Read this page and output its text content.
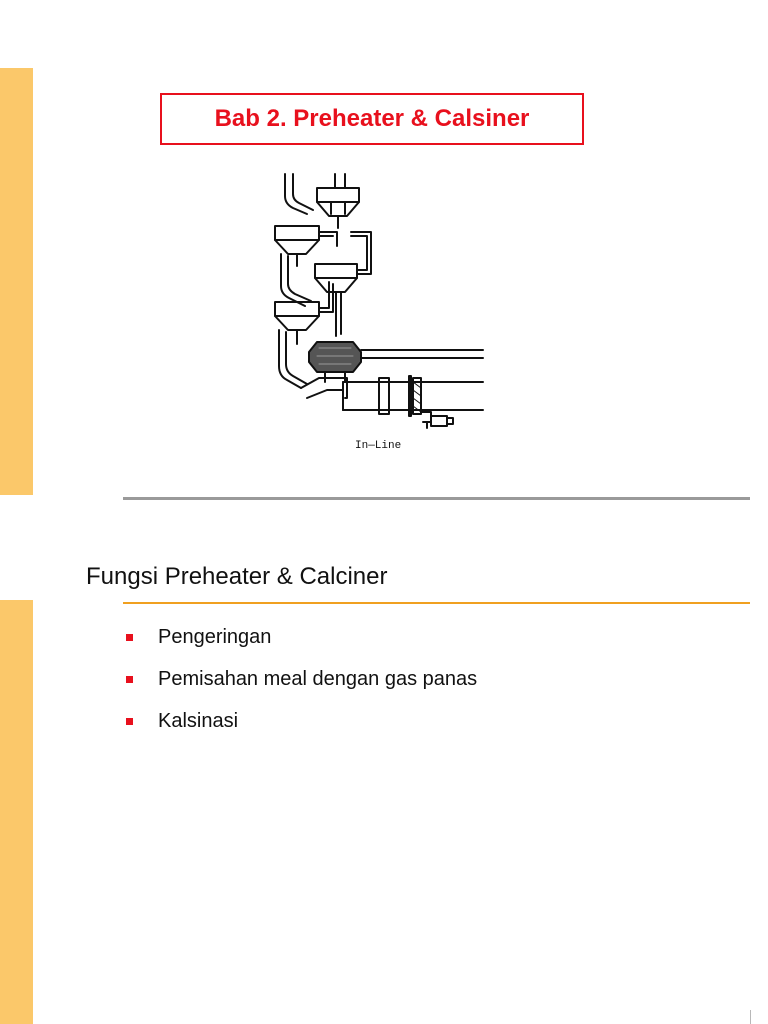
Bab 2. Preheater & Calsiner
In—Line
Fungsi Preheater & Calciner
Pengeringan
Pemisahan meal dengan gas panas
Kalsinasi
